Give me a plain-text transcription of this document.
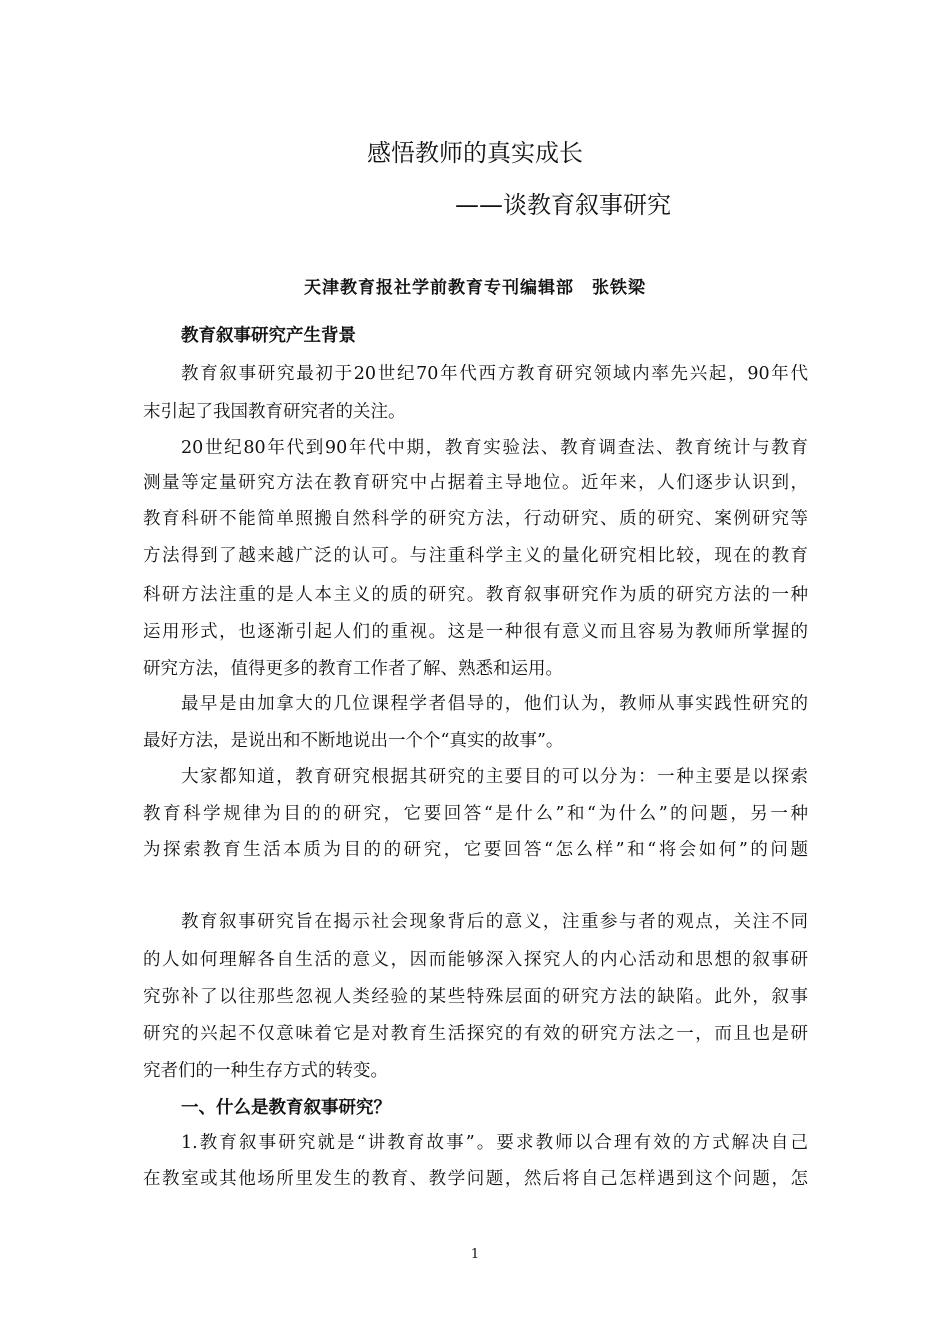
感悟教师的真实成长
——谈教育叙事研究
天津教育报社学前教育专刊编辑部　张铁梁
教育叙事研究产生背景
教育叙事研究最初于20世纪70年代西方教育研究领域内率先兴起，90年代
末引起了我国教育研究者的关注。
20世纪80年代到90年代中期，教育实验法、教育调查法、教育统计与教育
测量等定量研究方法在教育研究中占据着主导地位。近年来，人们逐步认识到，
教育科研不能简单照搬自然科学的研究方法，行动研究、质的研究、案例研究等
方法得到了越来越广泛的认可。与注重科学主义的量化研究相比较，现在的教育
科研方法注重的是人本主义的质的研究。教育叙事研究作为质的研究方法的一种
运用形式，也逐渐引起人们的重视。这是一种很有意义而且容易为教师所掌握的
研究方法，值得更多的教育工作者了解、熟悉和运用。
最早是由加拿大的几位课程学者倡导的，他们认为，教师从事实践性研究的
最好方法，是说出和不断地说出一个个“真实的故事”。
大家都知道，教育研究根据其研究的主要目的可以分为：一种主要是以探索
教育科学规律为目的的研究，它要回答“是什么”和“为什么”的问题，另一种
为探索教育生活本质为目的的研究，它要回答“怎么样”和“将会如何”的问题
教育叙事研究旨在揭示社会现象背后的意义，注重参与者的观点，关注不同
的人如何理解各自生活的意义，因而能够深入探究人的内心活动和思想的叙事研
究弥补了以往那些忽视人类经验的某些特殊层面的研究方法的缺陷。此外，叙事
研究的兴起不仅意味着它是对教育生活探究的有效的研究方法之一，而且也是研
究者们的一种生存方式的转变。
一、什么是教育叙事研究？
1.教育叙事研究就是“讲教育故事”。要求教师以合理有效的方式解决自己
在教室或其他场所里发生的教育、教学问题，然后将自己怎样遇到这个问题，怎
1
